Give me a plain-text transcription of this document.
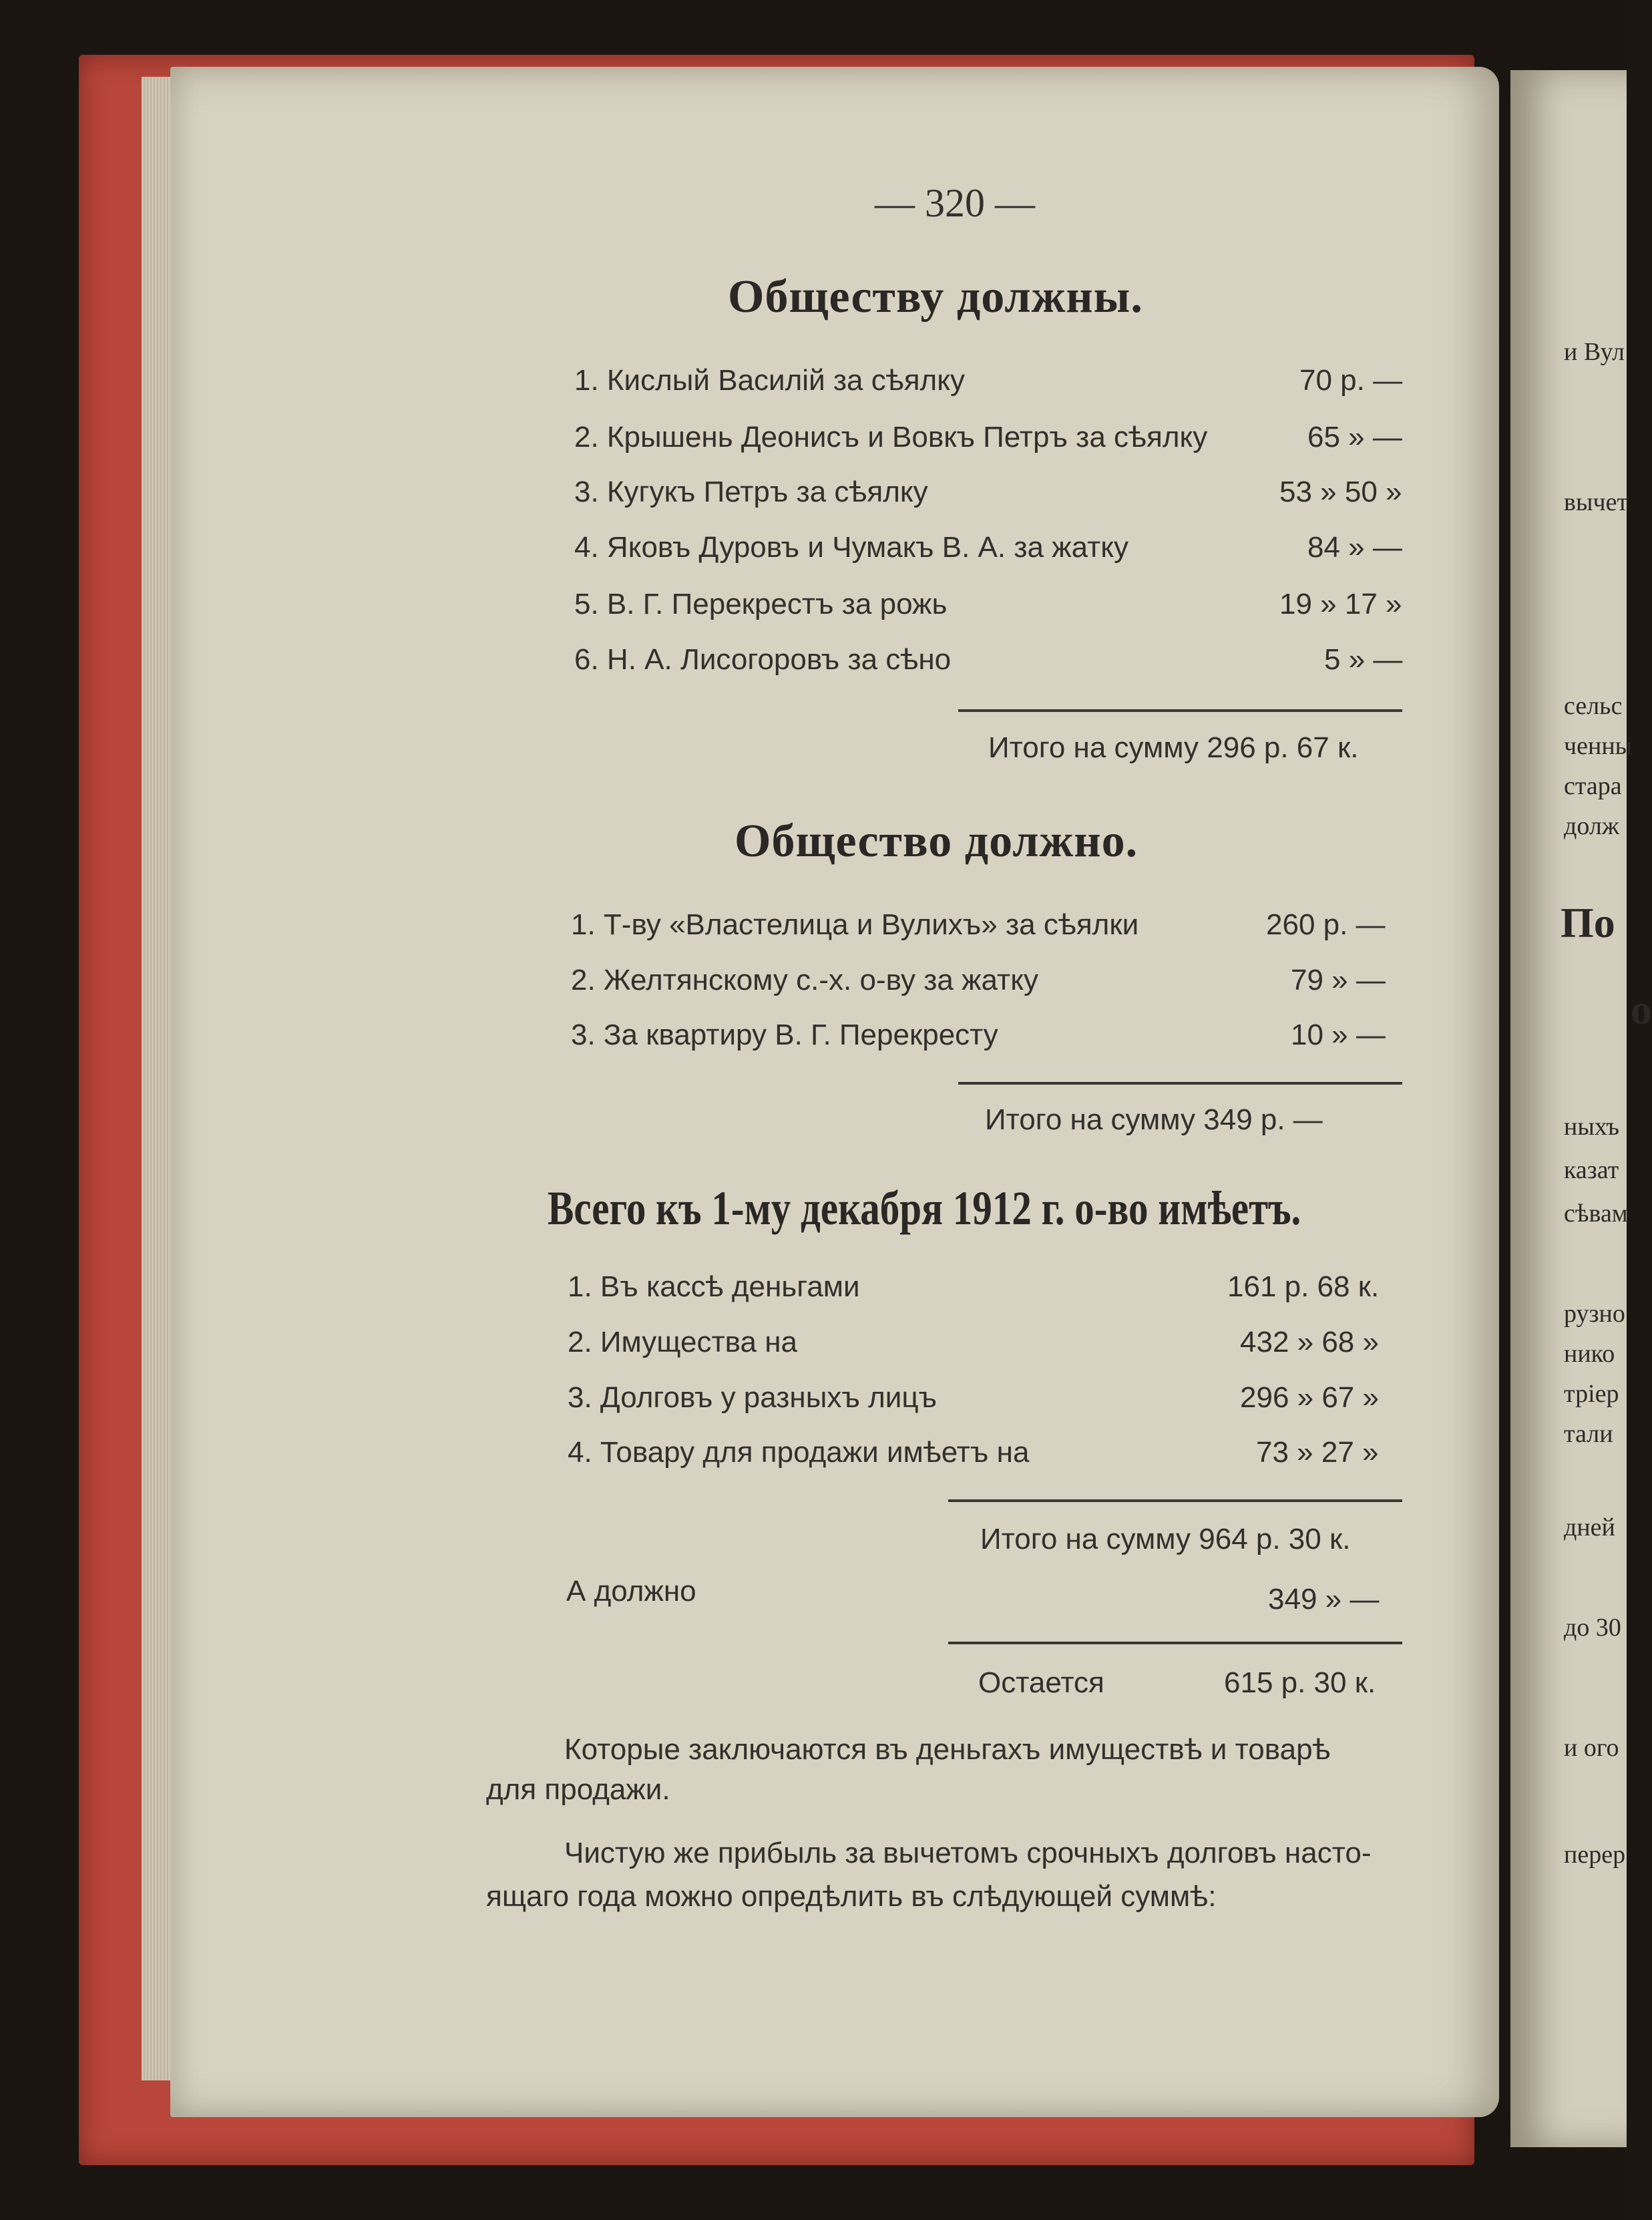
и Вул
вычет
сельс
ченны
стара
долж
По
о
ныхъ
казат
сѣвам
рузно
нико
трiер
тали
дней
до 30
и ого
перер
— 320 —
Обществу должны.
1. Кислый Василiй за сѣялку	70 р. —
2. Крышень Деонисъ и Вовкъ Петръ за сѣялку	65 » —
3. Кугукъ Петръ за сѣялку	53 » 50 »
4. Яковъ Дуровъ и Чумакъ В. А. за жатку	84 » —
5. В. Г. Перекрестъ за рожь	19 » 17 »
6. Н. А. Лисогоровъ за сѣно	5 » —
Итого на сумму 296 р. 67 к.
Общество должно.
1. Т-ву «Властелица и Вулихъ» за сѣялки	260 р. —
2. Желтянскому с.-х. о-ву за жатку	79 » —
3. За квартиру В. Г. Перекресту	10 » —
Итого на сумму 349 р. —
Всего къ 1-му декабря 1912 г. о-во имѣетъ.
1. Въ кассѣ деньгами	161 р. 68 к.
2. Имущества на	432 » 68 »
3. Долговъ у разныхъ лицъ	296 » 67 »
4. Товару для продажи имѣетъ на	73 » 27 »
Итого на сумму 964 р. 30 к.
А должно	349 » —
Остается	615 р. 30 к.
Которые заключаются въ деньгахъ имуществѣ и товарѣ
для продажи.
Чистую же прибыль за вычетомъ срочныхъ долговъ насто-
ящаго года можно опредѣлить въ слѣдующей суммѣ:
